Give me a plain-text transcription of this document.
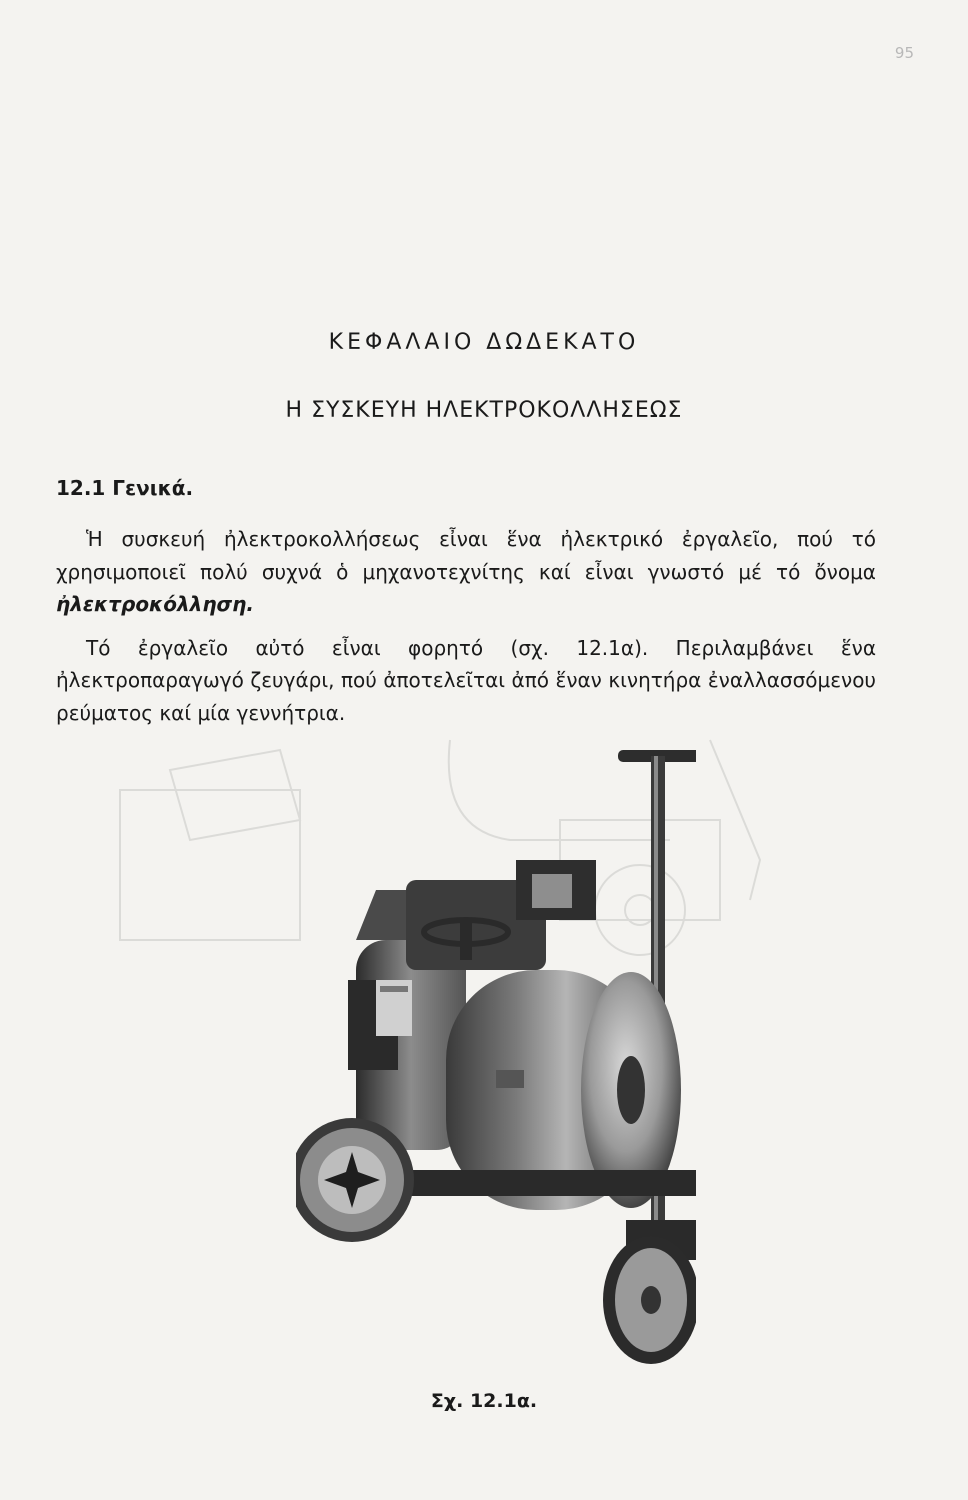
95
ΚΕΦΑΛΑΙΟ ΔΩΔΕΚΑΤΟ
Η ΣΥΣΚΕΥΗ ΗΛΕΚΤΡΟΚΟΛΛΗΣΕΩΣ
12.1 Γενικά.

Ἡ συσκευή ἠλεκτροκολλήσεως εἶναι ἕνα ἠλεκτρικό ἐργαλεῖο, πού τό χρησιμοποιεῖ πολύ συχνά ὁ μηχανοτεχνίτης καί εἶναι γνωστό μέ τό ὄνομα ἠλεκτροκόλληση.

Τό ἐργαλεῖο αὐτό εἶναι φορητό (σχ. 12.1α). Περιλαμβάνει ἕνα ἠλεκτροπαραγωγό ζευγάρι, πού ἀποτελεῖται ἀπό ἕναν κινητήρα ἐναλλασσόμενου ρεύματος καί μία γεννήτρια.

Σχ. 12.1α.
